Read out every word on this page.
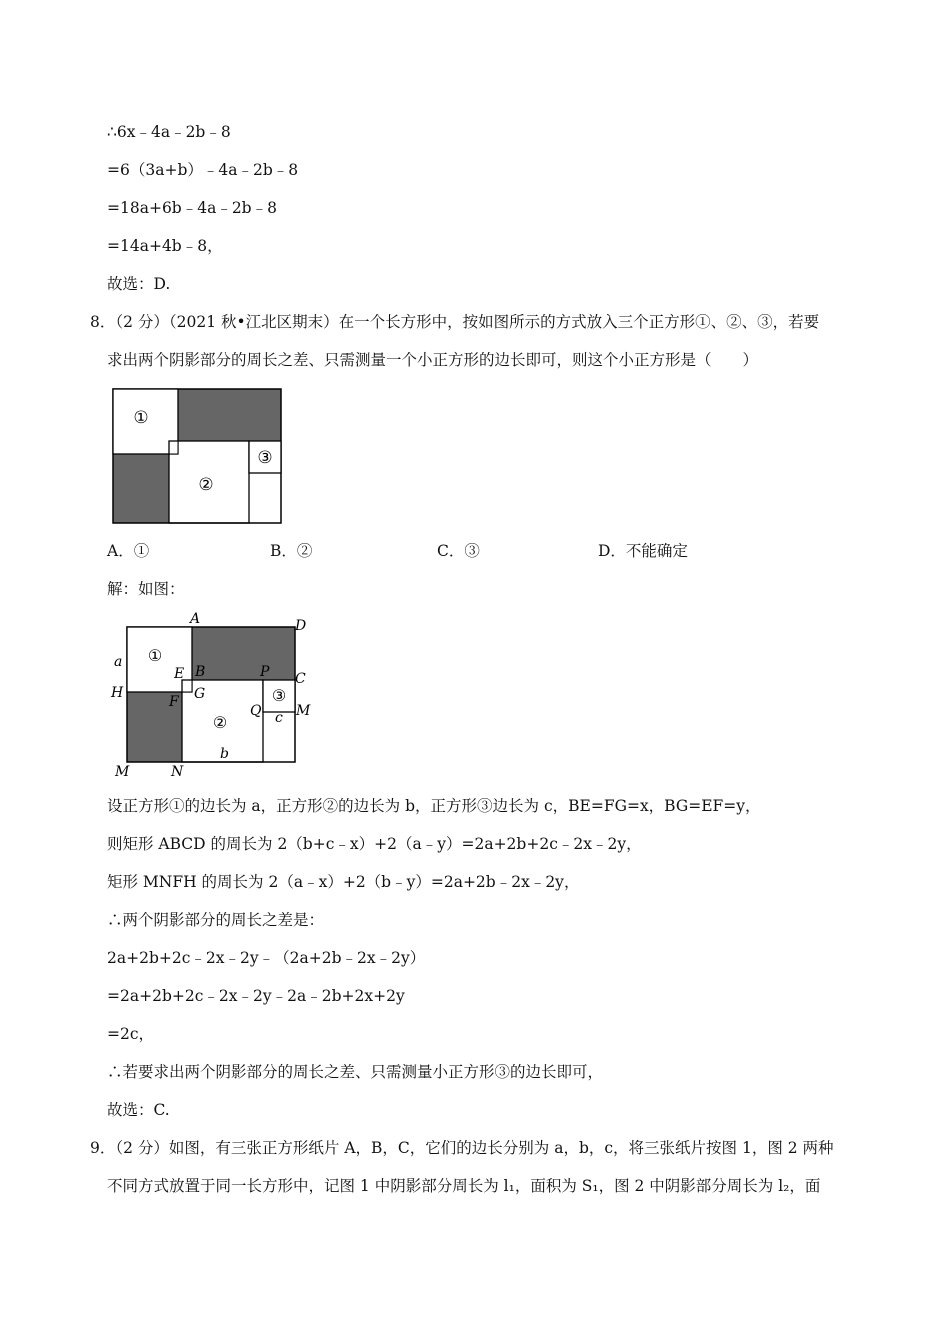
∴6x﹣4a﹣2b﹣8
=6（3a+b）﹣4a﹣2b﹣8
=18a+6b﹣4a﹣2b﹣8
=14a+4b﹣8，
故选：D.
8．（2 分）（2021 秋•江北区期末）在一个长方形中，按如图所示的方式放入三个正方形①、②、③，若要
求出两个阴影部分的周长之差、只需测量一个小正方形的边长即可，则这个小正方形是（　　）
①
②
③
A．①	B．②	C．③	D．不能确定
解：如图：
①
②
③
A	D
a
E B	P C
H	G
F
Q c M
b
M	N
设正方形①的边长为 a，正方形②的边长为 b，正方形③边长为 c，BE=FG=x，BG=EF=y，
则矩形 ABCD 的周长为 2（b+c﹣x）+2（a﹣y）=2a+2b+2c﹣2x﹣2y，
矩形 MNFH 的周长为 2（a﹣x）+2（b﹣y）=2a+2b﹣2x﹣2y，
∴两个阴影部分的周长之差是：
2a+2b+2c﹣2x﹣2y﹣（2a+2b﹣2x﹣2y）
=2a+2b+2c﹣2x﹣2y﹣2a﹣2b+2x+2y
=2c，
∴若要求出两个阴影部分的周长之差、只需测量小正方形③的边长即可，
故选：C.
9．（2 分）如图，有三张正方形纸片 A，B，C，它们的边长分别为 a，b，c，将三张纸片按图 1，图 2 两种
不同方式放置于同一长方形中，记图 1 中阴影部分周长为 l₁，面积为 S₁，图 2 中阴影部分周长为 l₂，面
